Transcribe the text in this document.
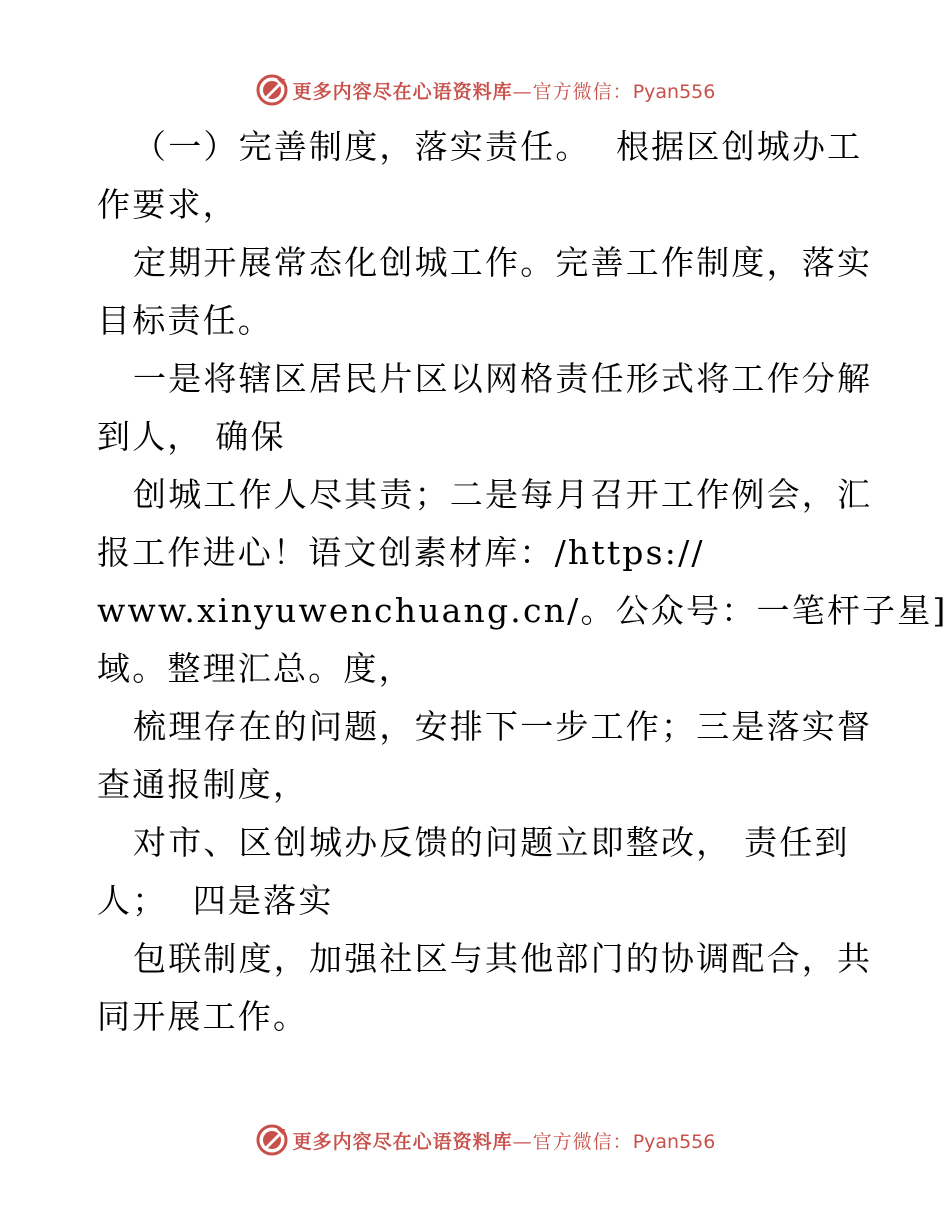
更多内容尽在心语资料库—官方微信：Pyan556
（一）完善制度，落实责任。  根据区创城办工
作要求，
定期开展常态化创城工作。完善工作制度，落实
目标责任。
一是将辖区居民片区以网格责任形式将工作分解
到人， 确保
创城工作人尽其责；二是每月召开工作例会，汇
报工作进心！语文创素材库：/https://
www.xinyuwenchuang.cn/。公众号：一笔杆子星]
域。整理汇总。度，
梳理存在的问题，安排下一步工作；三是落实督
查通报制度，
对市、区创城办反馈的问题立即整改， 责任到
人；  四是落实
包联制度，加强社区与其他部门的协调配合，共
同开展工作。
更多内容尽在心语资料库—官方微信：Pyan556
